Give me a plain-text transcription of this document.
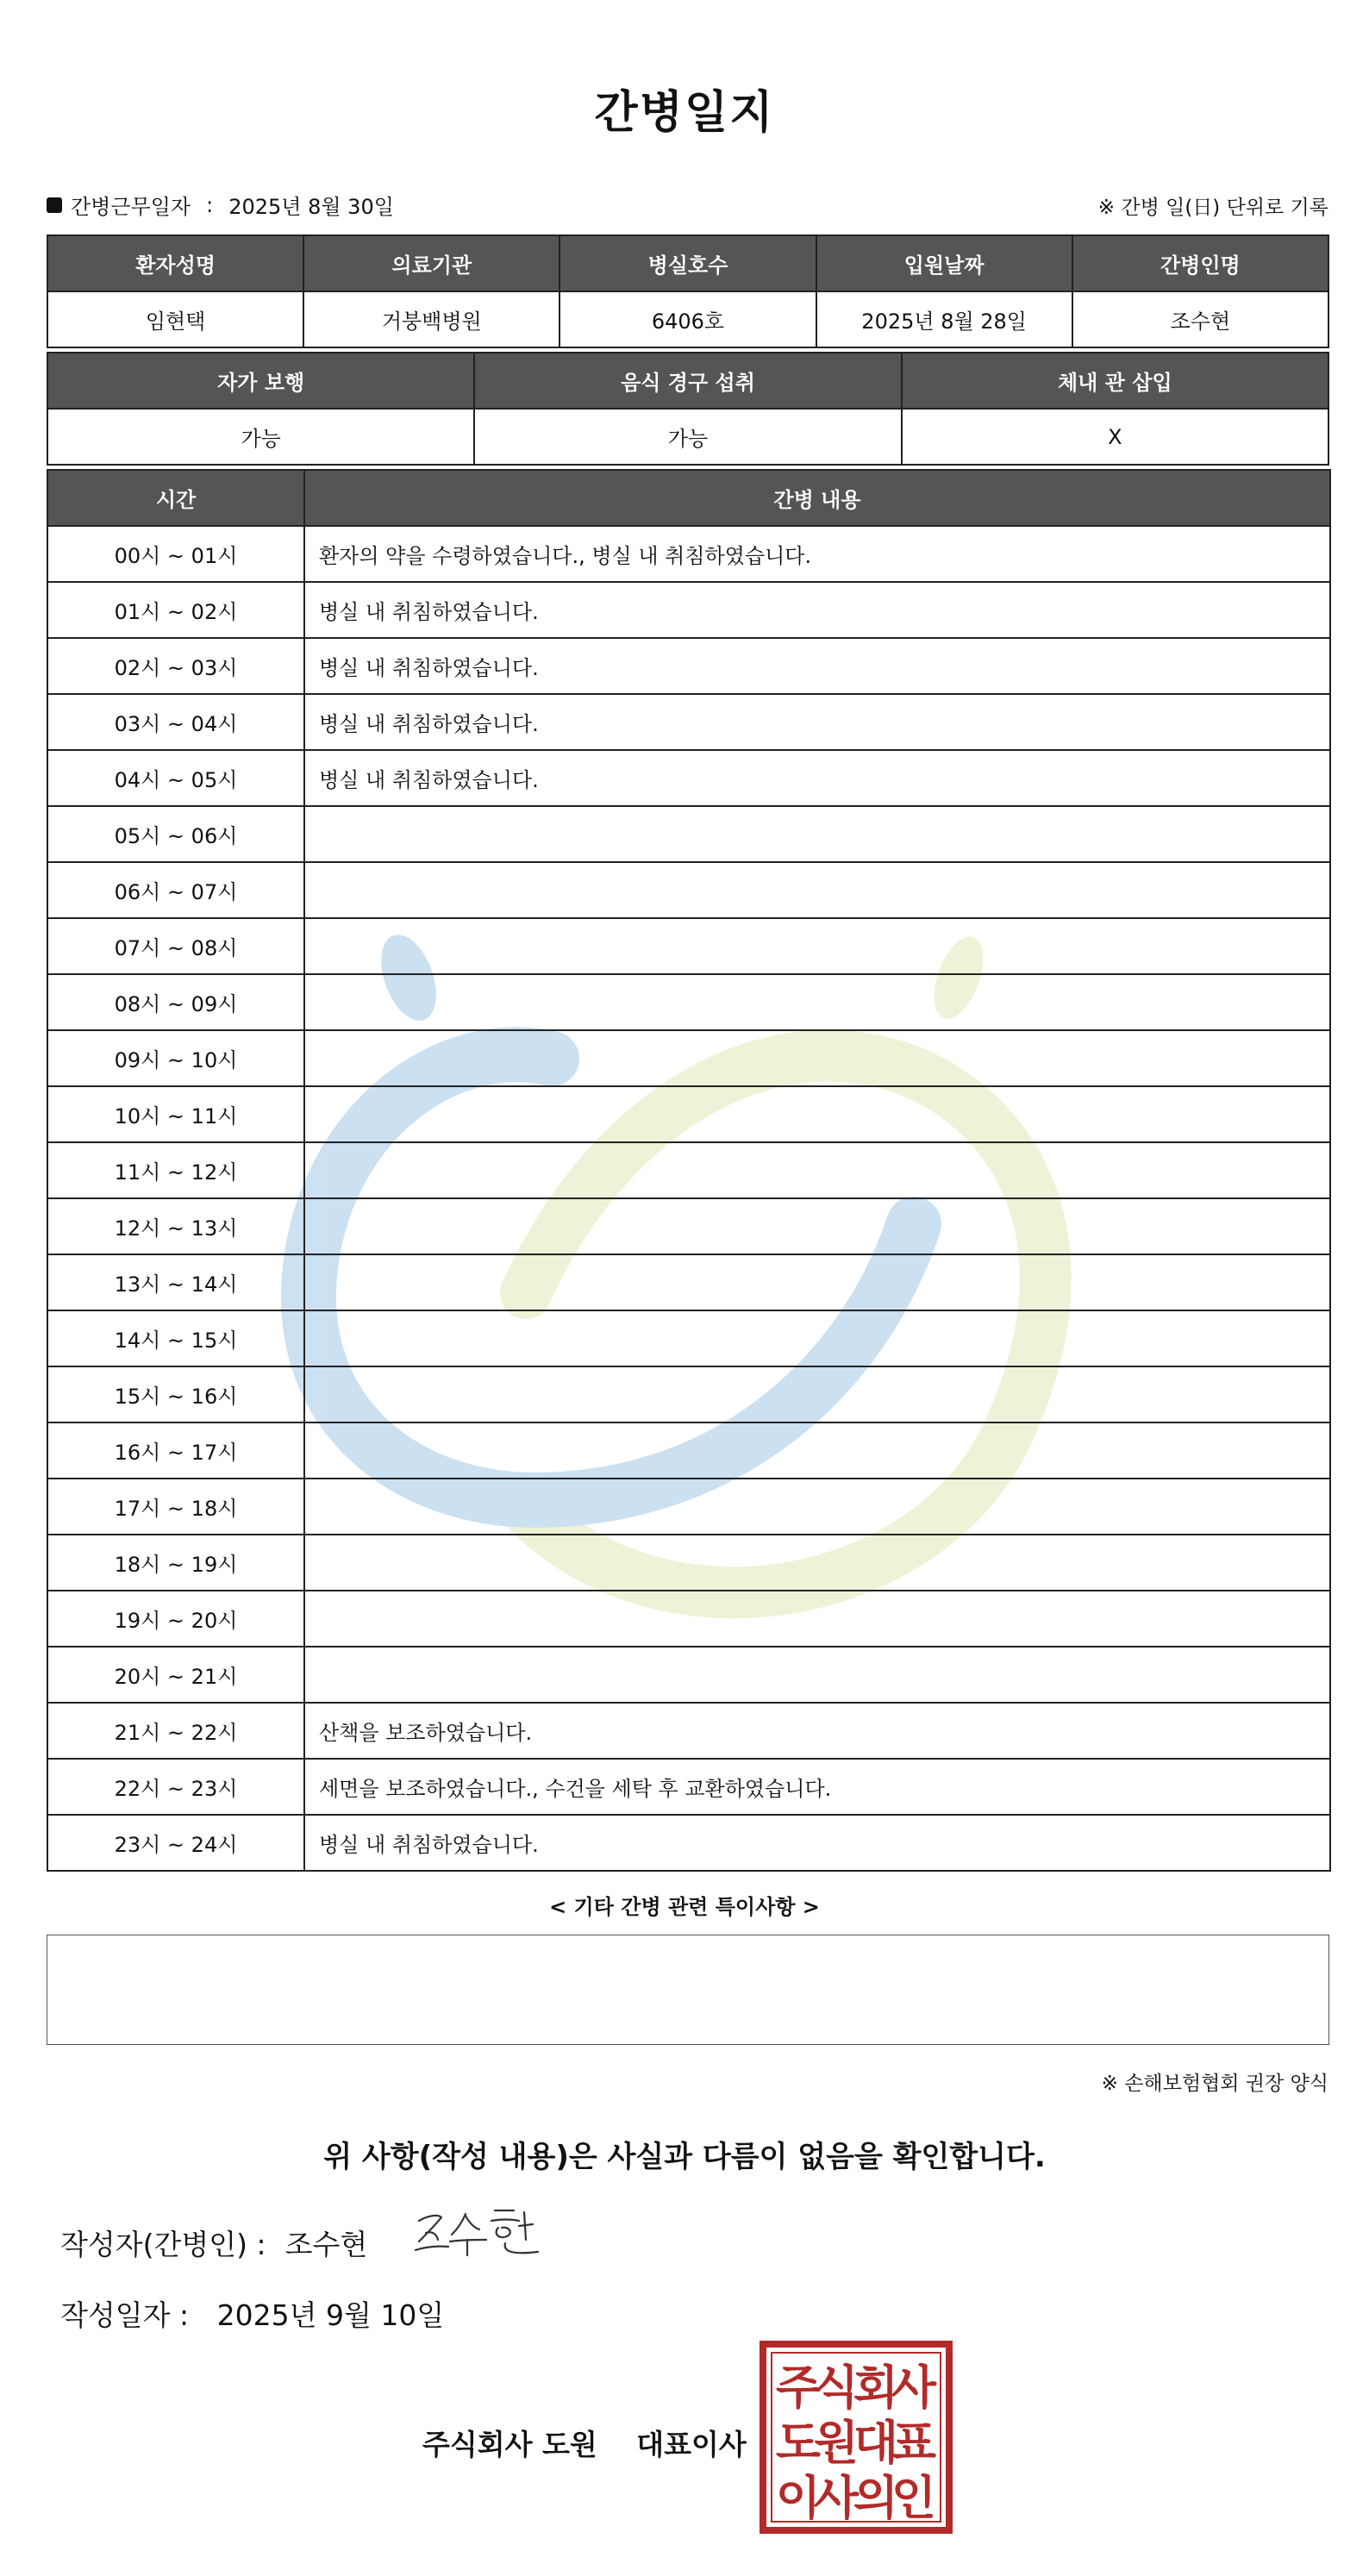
간병일지
간병근무일자 : 2025년 8월 30일	※ 간병 일(日) 단위로 기록
환자성명	의료기관	병실호수	입원날짜	간병인명
임현택	거붕백병원	6406호	2025년 8월 28일	조수현
자가 보행	음식 경구 섭취	체내 관 삽입
가능	가능	X
시간	간병 내용
00시 ~ 01시	환자의 약을 수령하였습니다., 병실 내 취침하였습니다.
01시 ~ 02시	병실 내 취침하였습니다.
02시 ~ 03시	병실 내 취침하였습니다.
03시 ~ 04시	병실 내 취침하였습니다.
04시 ~ 05시	병실 내 취침하였습니다.
05시 ~ 06시	
06시 ~ 07시	
07시 ~ 08시	
08시 ~ 09시	
09시 ~ 10시	
10시 ~ 11시	
11시 ~ 12시	
12시 ~ 13시	
13시 ~ 14시	
14시 ~ 15시	
15시 ~ 16시	
16시 ~ 17시	
17시 ~ 18시	
18시 ~ 19시	
19시 ~ 20시	
20시 ~ 21시	
21시 ~ 22시	산책을 보조하였습니다.
22시 ~ 23시	세면을 보조하였습니다., 수건을 세탁 후 교환하였습니다.
23시 ~ 24시	병실 내 취침하였습니다.
< 기타 간병 관련 특이사항 >
※ 손해보험협회 권장 양식
위 사항(작성 내용)은 사실과 다름이 없음을 확인합니다.
작성자(간병인) : 조수현
작성일자 : 2025년 9월 10일
주식회사 도원 대표이사
주
식
회
사
도
원
대
표
이
사
의
인
